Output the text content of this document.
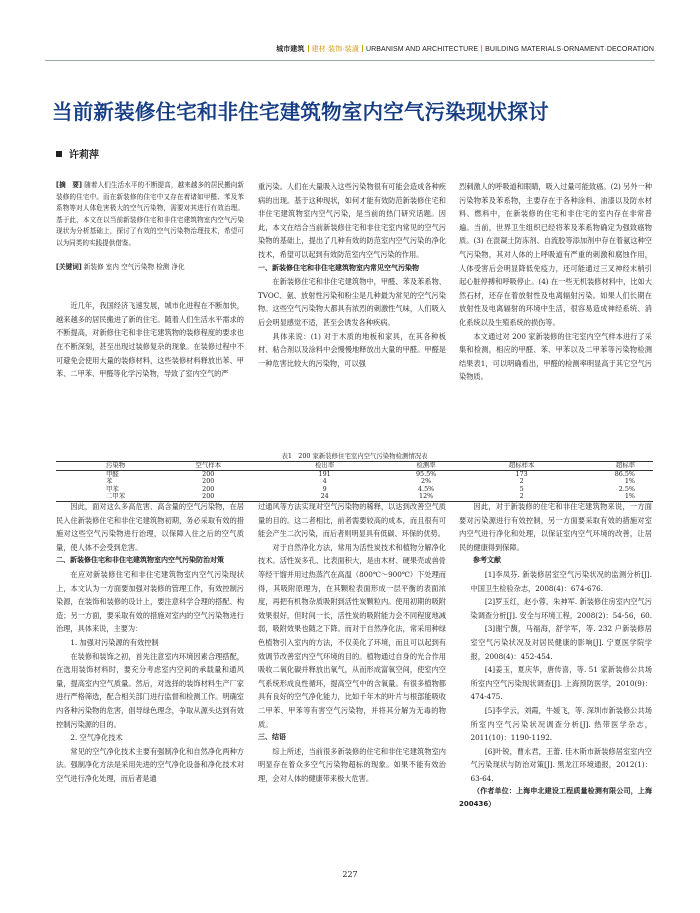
城市建筑 建材·装饰·装潢 URBANISM AND ARCHITECTURE BUILDING MATERIALS·ORNAMENT·DECORATION
当前新装修住宅和非住宅建筑物室内空气污染现状探讨
许莉萍
[摘　要] 随着人们生活水平的不断提高，越来越多的居民搬向新装修的住宅中。而在新装修的住宅中又存在着诸如甲醛、苯及苯系物等对人体危害极大的空气污染物，需要对其进行有效治理。基于此，本文在以当前新装修住宅和非住宅建筑物室内空气污染现状为分析基础上，探讨了有效的空气污染物治理技术，希望可以为同类的实践提供借鉴。
[关键词] 新装修 室内 空气污染物 检测 净化

近几年，我国经济飞速发展，城市化进程在不断加快，越来越多的居民搬进了新的住宅。随着人们生活水平需求的不断提高，对新修住宅和非住宅建筑物的装修程度的要求也在不断深刻，甚至出现过装修复杂的现象。在装修过程中不可避免会使用大量的装修材料，这些装修材料释放出苯、甲苯、二甲苯、甲醛等化学污染物，导致了室内空气的严

重污染。人们在大量吸入这些污染物很有可能会造成各种疾病的出现。基于这种现状，如何才能有效防范新装修住宅和非住宅建筑物室内空气污染，是当前的热门研究话题。因此，本文在结合当前新装修住宅和非住宅室内常见的空气污染物的基础上，提出了几种有效的防范室内空气污染的净化技术，希望可以起到有效防范室内空气污染的作用。

一、新装修住宅和非住宅建筑物室内常见空气污染物

在新装修住宅和非住宅建筑物中，甲醛、苯及苯系物、TVOC、氨、放射性污染和粉尘是几种最为常见的空气污染物。这些空气污染物大都具有浓烈的刺激性气味，人们吸入后会明显感觉不适，甚至会诱发各种疾病。

具体来说：(1) 对于木质的地板和家具，在其各种板材、粘合剂以及涂料中会慢慢地释放出大量的甲醛。甲醛是一种危害比较大的污染物，可以强

烈刺激人的呼吸道和眼睛，吸入过量可能致癌。(2) 另外一种污染物苯及苯系物，主要存在于各种涂料、油漆以及防水材料、燃料中，在新装修的住宅和非住宅的室内存在非常普遍。当前，世界卫生组织已经将苯及苯系物确定为强致癌物质。(3) 在混凝土防冻剂、自流胶等添加剂中存在着氨这种空气污染物，其对人体的上呼吸道有严重的刺激和腐蚀作用，人体受害后会明显降低免疫力，还可能通过三叉神经末梢引起心脏停搏和呼吸停止。(4) 在一些无机装修材料中，比如大然石材，还存在着放射性及电离辐射污染。如果人们长期在放射性及电离辐射的环境中生活，很容易造成神经系统、消化系统以及生殖系统的损伤等。

本文通过对 200 家新装修的住宅室内空气样本进行了采集和检测，相应的甲醛、苯、甲苯以及二甲苯等污染物检测结果表1，可以明确看出，甲醛的检测率明显高于其它空气污染物质。

表1　200 家新装修住宅室内空气污染物检测情况表
污染物	空气样本	检出率	检测率	超标样本	超标率
甲醛	200	191	95.5%	173	86.5%
苯	200	4	2%	2	1%
甲苯	200	9	4.5%	5	2.5%
二甲苯	200	24	12%	2	1%

因此，面对这么多高危害、高含量的空气污染物，在居民入住新装修住宅和非住宅建筑物初期，务必采取有效的措施对这些空气污染物进行治理，以保障入住之后的空气质量，使人体不会受到危害。

二、新装修住宅和非住宅建筑物室内空气污染防治对策

在应对新装修住宅和非住宅建筑物室内空气污染现状上，本文认为一方面要加强对装修的管理工作，有效控制污染源，在装饰和装修的设计上，要注意科学合理的搭配、构造；另一方面，要采取有效的措施对室内的空气污染物进行治理，具体来说，主要为：

1. 加强对污染源的有效控制

在装修和装饰之初，首先注意室内环境因素合理搭配，在选用装饰材料时，要充分考虑室内空间的承载量和通风量，提高室内空气质量。然后，对选择的装饰材料生产厂家进行严格筛选，配合相关部门进行监督和检测工作。明确室内各种污染物的危害，倡导绿色理念，争取从源头达到有效控制污染源的目的。

2. 空气净化技术

常见的空气净化技术主要有强制净化和自然净化两种方法。强制净化方法是采用先进的空气净化设备和净化技术对空气进行净化处理，而后者是通

过通风等方法实现对空气污染物的稀释，以达到改善空气质量的目的。这二者相比，前者需要较高的成本，而且很有可能会产生二次污染，而后者则明显具有低碳、环保的优势。

对于自然净化方法，常用为活性炭技术和植物分解净化技术。活性炭多孔、比表面积大，是由木材、硬果壳或兽骨等经干馏并用过热蒸汽在高温（800℃～900℃）下处理而得，其吸附原理为，在其颗粒表面形成一层平衡的表面浓度，再把有机物杂质吸附到活性炭颗粒内。使用初期的吸附效果很好，但时间一长，活性炭的吸附能力会不同程度地减弱，吸附效果也随之下降。而对于自然净化法，常采用种绿色植物引入室内的方法，不仅美化了环境，而且可以起到有效调节改善室内空气环境的目的。植物通过自身的光合作用吸收二氧化碳并释放出氧气，从而形成富氧空间，使室内空气系统形成良性循环，提高空气中的含氧量。有很多植物都具有良好的空气净化能力，比如千年木的叶片与根部能吸收二甲苯、甲苯等有害空气污染物，并将其分解为无毒的物质。

三、结语

综上所述，当前很多新装修的住宅和非住宅建筑物室内明显存在着众多空气污染物超标的现象。如果不能有效治理，会对人体的健康带来极大危害。

因此，对于新装修的住宅和非住宅建筑物来说，一方面要对污染源进行有效控制，另一方面要采取有效的措施对室内空气进行净化和处理，以保证室内空气环境的改善，让居民的健康得到保障。

参考文献

[1]李凤芬. 新装修居室空气污染状况的监测分析[J]. 中国卫生检验杂志，2008(4)：674-676.

[2]罗玉红，赵小蓉，朱神军. 新装修住房室内空气污染调查分析[J]. 安全与环境工程，2008(2)：54-56，60.

[3]谢宁馥，马福海，舒学军，等. 232 户新装修居室空气污染状况及对居民健康的影响[J]. 宁夏医学院学报，2008(4)：452-454.

[4]姜玉，夏庆华，唐传喜，等. 51 家新装修公共场所室内空气污染现状调查[J]. 上海预防医学，2010(9)：474-475.

[5]李学云，刘霞，牛媛飞，等. 深圳市新装修公共场所室内空气污染状况调查分析[J]. 热带医学杂志，2011(10)：1190-1192.

[6]叶锐，曹永君，王蕾. 佳木斯市新装修居室室内空气污染现状与防治对策[J]. 黑龙江环境通报，2012(1)：63-64.

（作者单位：上海申北建设工程质量检测有限公司，上海　200436）

227
